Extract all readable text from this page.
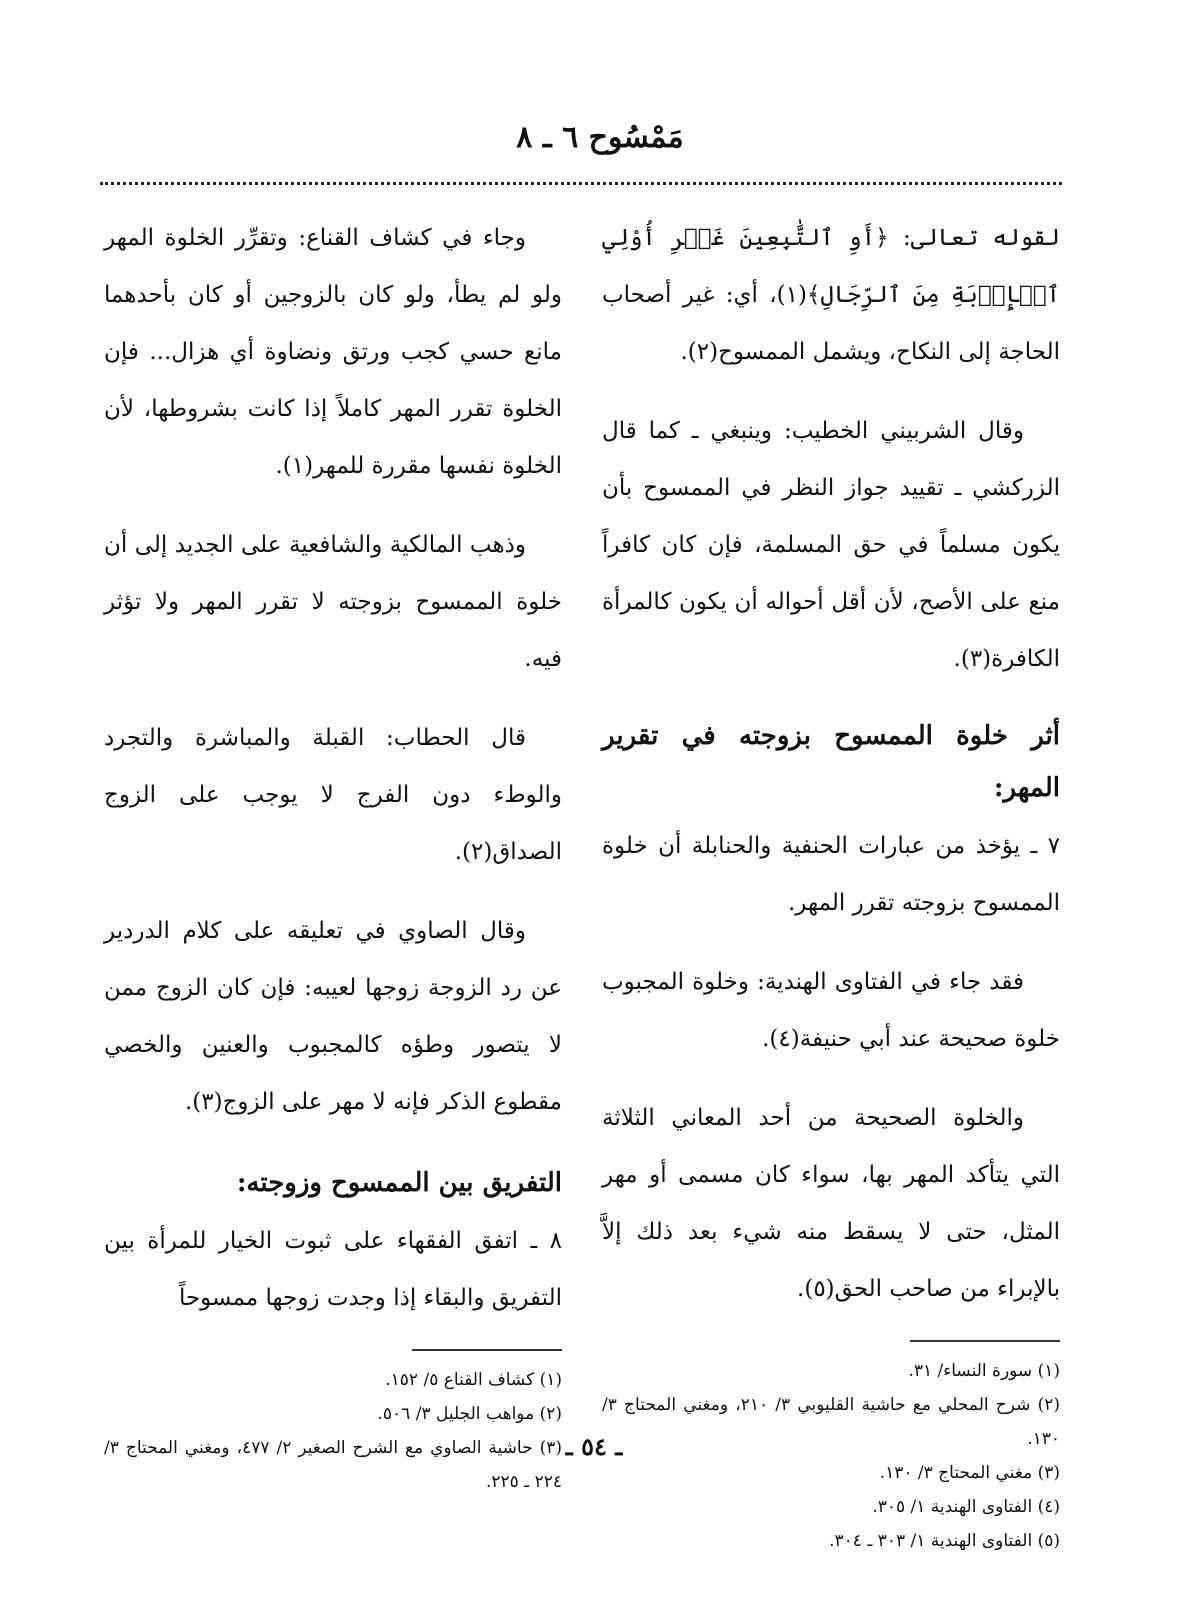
مَمْسُوح ٦ ـ ٨

لقوله تعالى: ﴿أَوِ ٱلتَّٰبِعِينَ غَيۡرِ أُوْلِي ٱلۡإِرۡبَةِ مِنَ ٱلرِّجَالِ﴾(١)، أي: غير أصحاب الحاجة إلى النكاح، ويشمل الممسوح(٢).

وقال الشربيني الخطيب: وينبغي ـ كما قال الزركشي ـ تقييد جواز النظر في الممسوح بأن يكون مسلماً في حق المسلمة، فإن كان كافراً منع على الأصح، لأن أقل أحواله أن يكون كالمرأة الكافرة(٣).

أثر خلوة الممسوح بزوجته في تقرير المهر:

٧ ـ يؤخذ من عبارات الحنفية والحنابلة أن خلوة الممسوح بزوجته تقرر المهر.

فقد جاء في الفتاوى الهندية: وخلوة المجبوب خلوة صحيحة عند أبي حنيفة(٤).

والخلوة الصحيحة من أحد المعاني الثلاثة التي يتأكد المهر بها، سواء كان مسمى أو مهر المثل، حتى لا يسقط منه شيء بعد ذلك إلاَّ بالإبراء من صاحب الحق(٥).

(١) سورة النساء/ ٣١.
(٢) شرح المحلي مع حاشية القليوبي ٣/ ٢١٠، ومغني المحتاج ٣/ ١٣٠.
(٣) مغني المحتاج ٣/ ١٣٠.
(٤) الفتاوى الهندية ١/ ٣٠٥.
(٥) الفتاوى الهندية ١/ ٣٠٣ ـ ٣٠٤.

وجاء في كشاف القناع: وتقرِّر الخلوة المهر ولو لم يطأ، ولو كان بالزوجين أو كان بأحدهما مانع حسي كجب ورتق ونضاوة أي هزال... فإن الخلوة تقرر المهر كاملاً إذا كانت بشروطها، لأن الخلوة نفسها مقررة للمهر(١).

وذهب المالكية والشافعية على الجديد إلى أن خلوة الممسوح بزوجته لا تقرر المهر ولا تؤثر فيه.

قال الحطاب: القبلة والمباشرة والتجرد والوطء دون الفرج لا يوجب على الزوج الصداق(٢).

وقال الصاوي في تعليقه على كلام الدردير عن رد الزوجة زوجها لعيبه: فإن كان الزوج ممن لا يتصور وطؤه كالمجبوب والعنين والخصي مقطوع الذكر فإنه لا مهر على الزوج(٣).

التفريق بين الممسوح وزوجته:

٨ ـ اتفق الفقهاء على ثبوت الخيار للمرأة بين التفريق والبقاء إذا وجدت زوجها ممسوحاً

(١) كشاف القناع ٥/ ١٥٢.
(٢) مواهب الجليل ٣/ ٥٠٦.
(٣) حاشية الصاوي مع الشرح الصغير ٢/ ٤٧٧، ومغني المحتاج ٣/ ٢٢٤ ـ ٢٢٥.
ـ ٥٤ ـ
